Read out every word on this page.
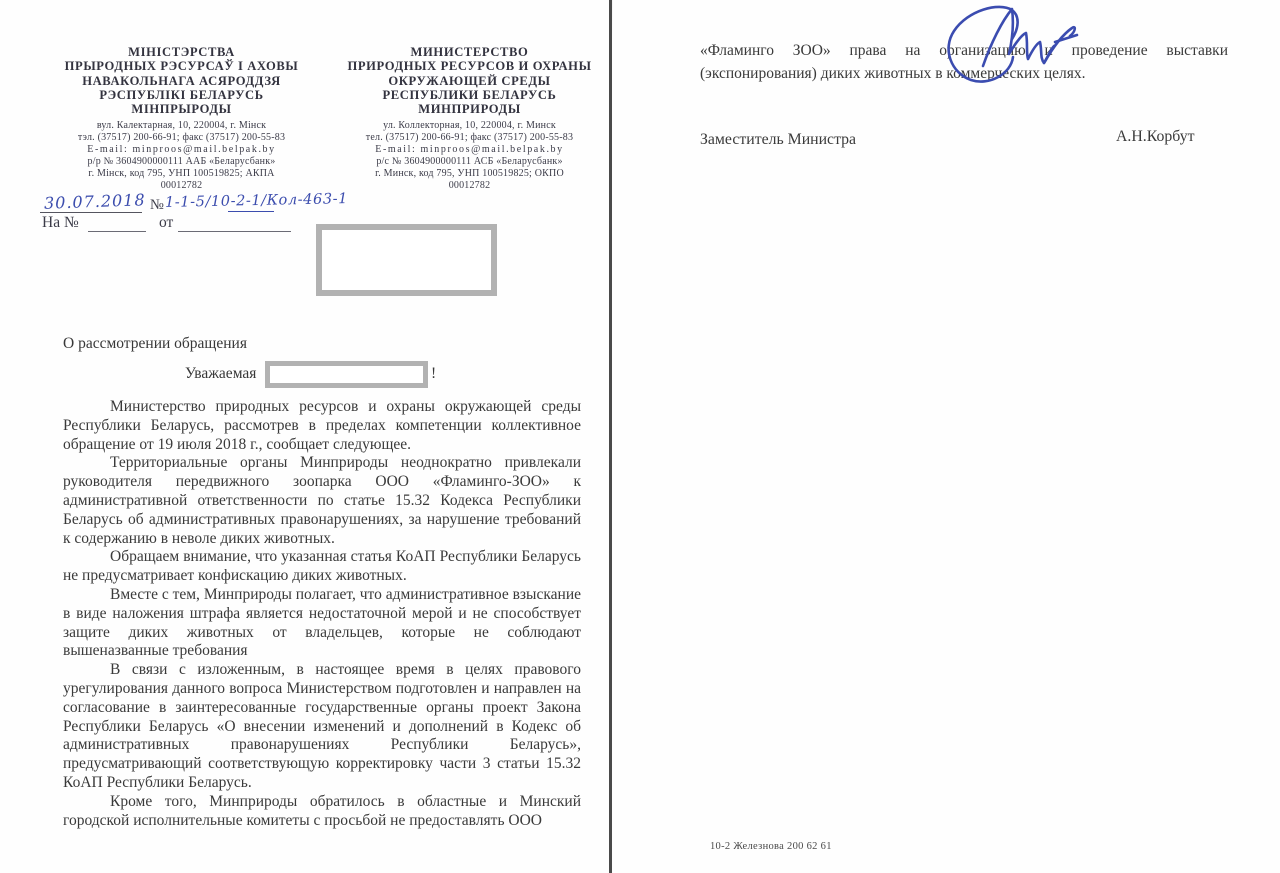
МІНІСТЭРСТВА
ПРЫРОДНЫХ РЭСУРСАЎ І АХОВЫ
НАВАКОЛЬНАГА АСЯРОДДЗЯ
РЭСПУБЛІКІ БЕЛАРУСЬ
МІНПРЫРОДЫ
вул. Калектарная, 10, 220004, г. Мінск
тэл. (37517) 200-66-91; факс (37517) 200-55-83
E-mail: minproos@mail.belpak.by
р/р № 3604900000111 ААБ «Беларусбанк»
г. Мінск, код 795, УНП 100519825; АКПА
00012782
МИНИСТЕРСТВО
ПРИРОДНЫХ РЕСУРСОВ И ОХРАНЫ
ОКРУЖАЮЩЕЙ СРЕДЫ
РЕСПУБЛИКИ БЕЛАРУСЬ
МИНПРИРОДЫ
ул. Коллекторная, 10, 220004, г. Минск
тел. (37517) 200-66-91; факс (37517) 200-55-83
E-mail: minproos@mail.belpak.by
р/с № 3604900000111 АСБ «Беларусбанк»
г. Минск, код 795, УНП 100519825; ОКПО
00012782
30.07.2018 № 1-1-5/10-2-1/Кол-463-1
На №	от
О рассмотрении обращения
Уважаемая	!

Министерство природных ресурсов и охраны окружающей среды Республики Беларусь, рассмотрев в пределах компетенции коллективное обращение от 19 июля 2018 г., сообщает следующее.

Территориальные органы Минприроды неоднократно привлекали руководителя передвижного зоопарка ООО «Фламинго-ЗОО» к административной ответственности по статье 15.32 Кодекса Республики Беларусь об административных правонарушениях, за нарушение требований к содержанию в неволе диких животных.

Обращаем внимание, что указанная статья КоАП Республики Беларусь не предусматривает конфискацию диких животных.

Вместе с тем, Минприроды полагает, что административное взыскание в виде наложения штрафа является недостаточной мерой и не способствует защите диких животных от владельцев, которые не соблюдают вышеназванные требования

В связи с изложенным, в настоящее время в целях правового урегулирования данного вопроса Министерством подготовлен и направлен на согласование в заинтересованные государственные органы проект Закона Республики Беларусь «О внесении изменений и дополнений в Кодекс об административных правонарушениях Республики Беларусь», предусматривающий соответствующую корректировку части 3 статьи 15.32 КоАП Республики Беларусь.

Кроме того, Минприроды обратилось в областные и Минский городской исполнительные комитеты с просьбой не предоставлять ООО

«Фламинго ЗОО» права на организацию и проведение выставки (экспонирования) диких животных в коммерческих целях.

Заместитель Министра	А.Н.Корбут
10-2 Железнова 200 62 61
